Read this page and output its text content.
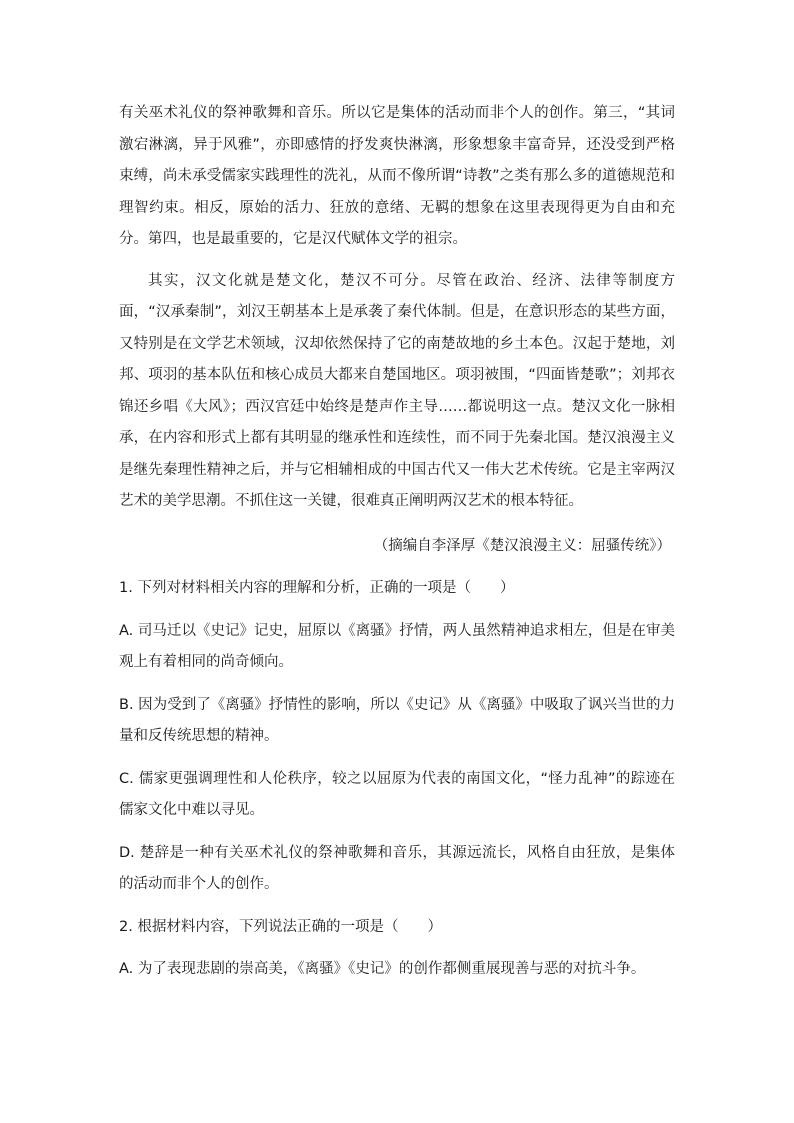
有关巫术礼仪的祭神歌舞和音乐。所以它是集体的活动而非个人的创作。第三，“其词激宕淋漓，异于风雅”，亦即感情的抒发爽快淋漓，形象想象丰富奇异，还没受到严格束缚，尚未承受儒家实践理性的洗礼，从而不像所谓“诗教”之类有那么多的道德规范和理智约束。相反，原始的活力、狂放的意绪、无羁的想象在这里表现得更为自由和充分。第四，也是最重要的，它是汉代赋体文学的祖宗。

其实，汉文化就是楚文化，楚汉不可分。尽管在政治、经济、法律等制度方面，“汉承秦制”，刘汉王朝基本上是承袭了秦代体制。但是，在意识形态的某些方面，又特别是在文学艺术领域，汉却依然保持了它的南楚故地的乡土本色。汉起于楚地，刘邦、项羽的基本队伍和核心成员大都来自楚国地区。项羽被围，“四面皆楚歌”；刘邦衣锦还乡唱《大风》；西汉宫廷中始终是楚声作主导……都说明这一点。楚汉文化一脉相承，在内容和形式上都有其明显的继承性和连续性，而不同于先秦北国。楚汉浪漫主义是继先秦理性精神之后，并与它相辅相成的中国古代又一伟大艺术传统。它是主宰两汉艺术的美学思潮。不抓住这一关键，很难真正阐明两汉艺术的根本特征。

（摘编自李泽厚《楚汉浪漫主义：屈骚传统》）

1. 下列对材料相关内容的理解和分析，正确的一项是（　　）

A. 司马迁以《史记》记史，屈原以《离骚》抒情，两人虽然精神追求相左，但是在审美观上有着相同的尚奇倾向。

B. 因为受到了《离骚》抒情性的影响，所以《史记》从《离骚》中吸取了讽兴当世的力量和反传统思想的精神。

C. 儒家更强调理性和人伦秩序，较之以屈原为代表的南国文化，“怪力乱神”的踪迹在儒家文化中难以寻见。

D. 楚辞是一种有关巫术礼仪的祭神歌舞和音乐，其源远流长，风格自由狂放，是集体的活动而非个人的创作。

2. 根据材料内容，下列说法正确的一项是（　　）

A. 为了表现悲剧的崇高美，《离骚》《史记》的创作都侧重展现善与恶的对抗斗争。
